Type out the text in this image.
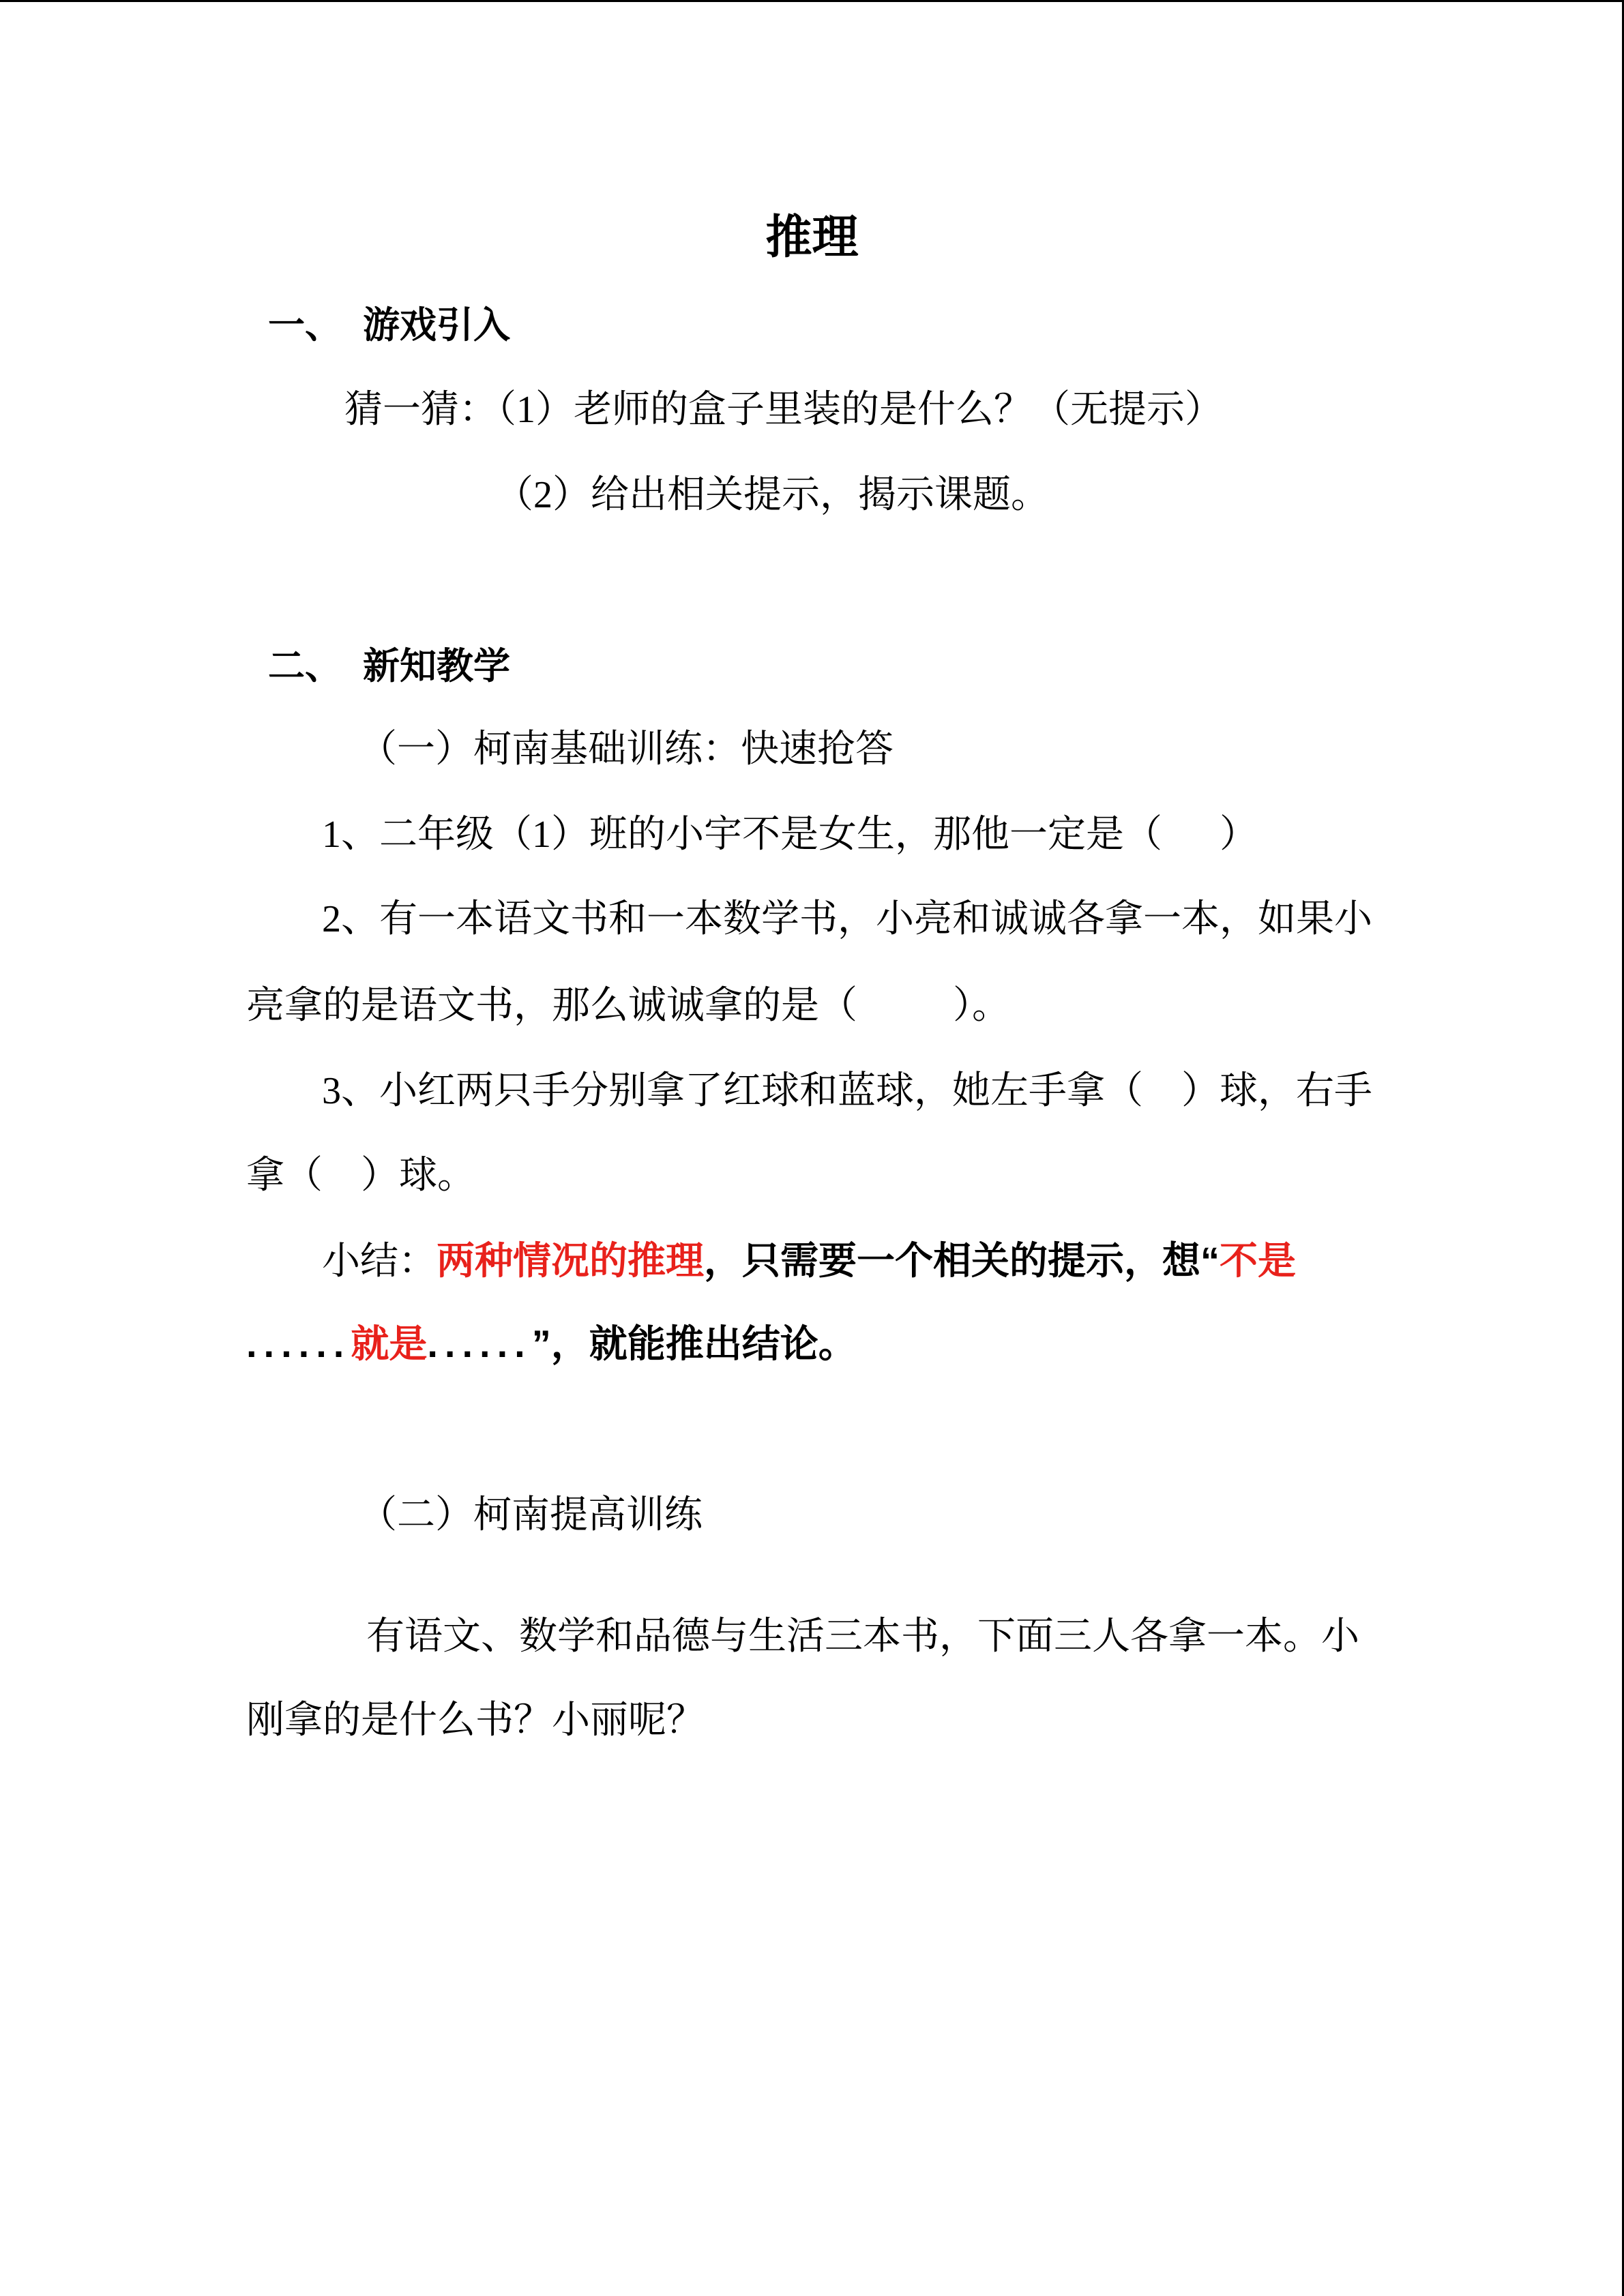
推理
一、 游戏引入
猜一猜：（1）老师的盒子里装的是什么？（无提示）
（2）给出相关提示，揭示课题。
二、 新知教学
（一）柯南基础训练：快速抢答
1、二年级（1）班的小宇不是女生，那他一定是（      ）
2、有一本语文书和一本数学书，小亮和诚诚各拿一本，如果小
亮拿的是语文书，那么诚诚拿的是（          ）。
3、小红两只手分别拿了红球和蓝球，她左手拿（    ）球，右手
拿（    ）球。
小结：两种情况的推理，只需要一个相关的提示，想“不是
......就是......”，就能推出结论。
（二）柯南提高训练
有语文、数学和品德与生活三本书，下面三人各拿一本。小
刚拿的是什么书？小丽呢？
